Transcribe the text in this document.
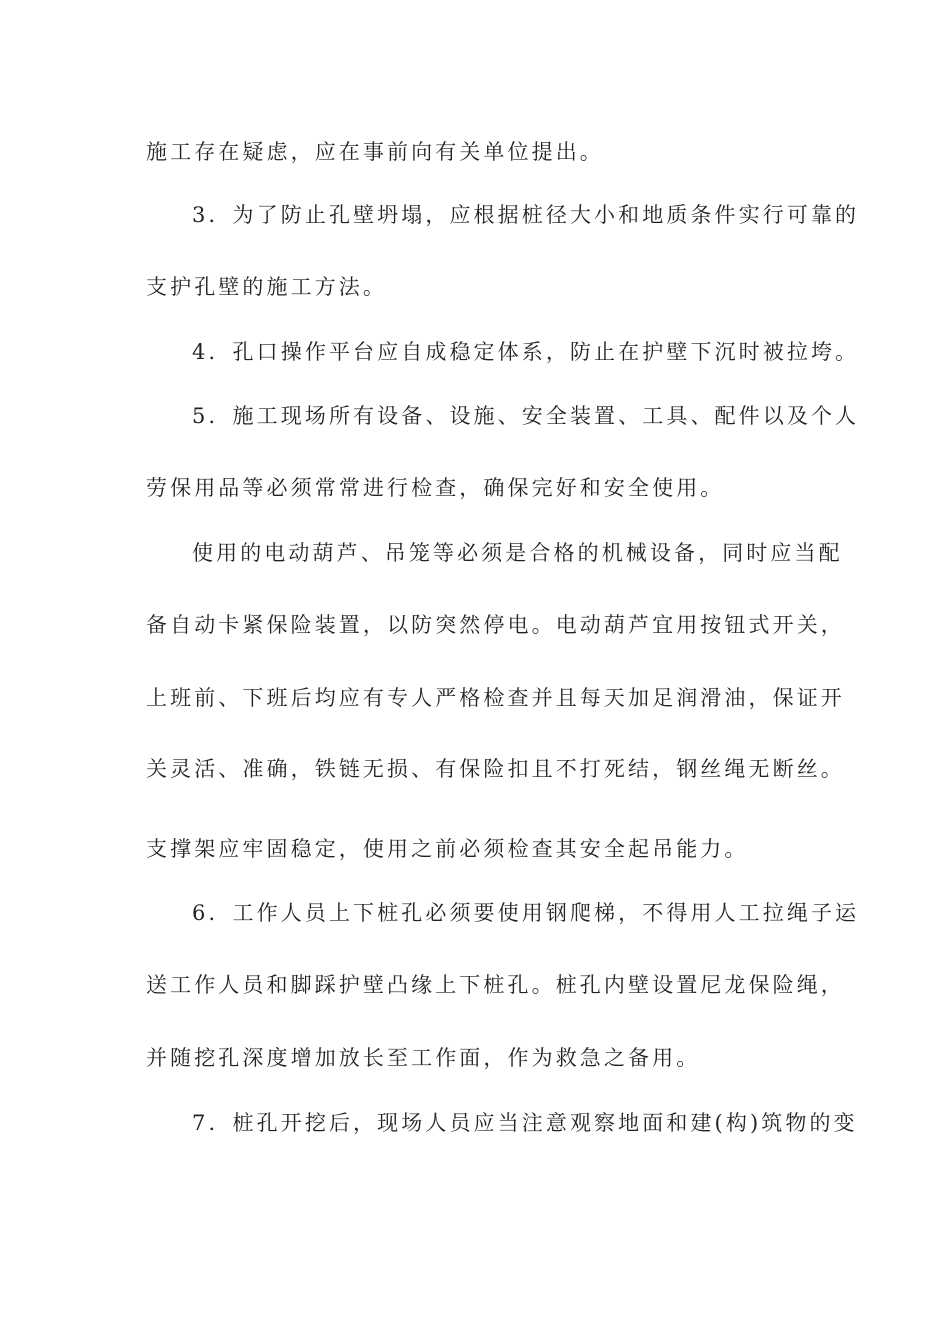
施工存在疑虑，应在事前向有关单位提出。
3．为了防止孔壁坍塌，应根据桩径大小和地质条件实行可靠的
支护孔壁的施工方法。
4．孔口操作平台应自成稳定体系，防止在护壁下沉时被拉垮。
5．施工现场所有设备、设施、安全装置、工具、配件以及个人
劳保用品等必须常常进行检查，确保完好和安全使用。
使用的电动葫芦、吊笼等必须是合格的机械设备，同时应当配
备自动卡紧保险装置，以防突然停电。电动葫芦宜用按钮式开关，
上班前、下班后均应有专人严格检查并且每天加足润滑油，保证开
关灵活、准确，铁链无损、有保险扣且不打死结，钢丝绳无断丝。
支撑架应牢固稳定，使用之前必须检查其安全起吊能力。
6．工作人员上下桩孔必须要使用钢爬梯，不得用人工拉绳子运
送工作人员和脚踩护壁凸缘上下桩孔。桩孔内壁设置尼龙保险绳，
并随挖孔深度增加放长至工作面，作为救急之备用。
7．桩孔开挖后，现场人员应当注意观察地面和建(构)筑物的变
